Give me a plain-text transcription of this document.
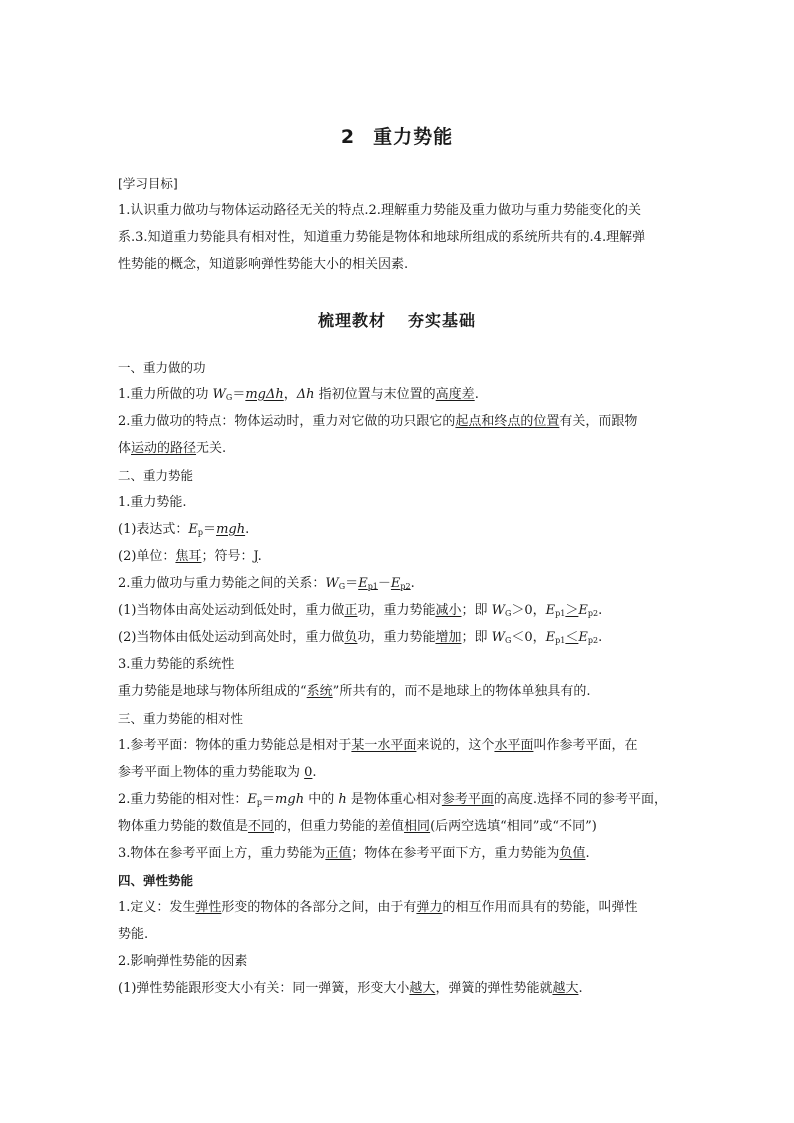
2 重力势能
[学习目标]
1.认识重力做功与物体运动路径无关的特点.2.理解重力势能及重力做功与重力势能变化的关
系.3.知道重力势能具有相对性，知道重力势能是物体和地球所组成的系统所共有的.4.理解弹
性势能的概念，知道影响弹性势能大小的相关因素.
梳理教材 夯实基础
一、重力做的功
1.重力所做的功 $W_G=mg\Delta h$，Δh 指初位置与末位置的高度差.
2.重力做功的特点：物体运动时，重力对它做的功只跟它的起点和终点的位置有关，而跟物
体运动的路径无关.
二、重力势能
1.重力势能.
(1)表达式：$E_p=mgh$.
(2)单位：焦耳；符号：J.
2.重力做功与重力势能之间的关系：$W_G=E_{p1}-E_{p2}$.
(1)当物体由高处运动到低处时，重力做正功，重力势能减小；即 $W_G>0$，$E_{p1}>E_{p2}$.
(2)当物体由低处运动到高处时，重力做负功，重力势能增加；即 $W_G<0$，$E_{p1}<E_{p2}$.
3.重力势能的系统性
重力势能是地球与物体所组成的“系统”所共有的，而不是地球上的物体单独具有的.
三、重力势能的相对性
1.参考平面：物体的重力势能总是相对于某一水平面来说的，这个水平面叫作参考平面，在
参考平面上物体的重力势能取为 0.
2.重力势能的相对性：$E_p=mgh$ 中的 h 是物体重心相对参考平面的高度.选择不同的参考平面，
物体重力势能的数值是不同的，但重力势能的差值相同(后两空选填“相同”或“不同”)
3.物体在参考平面上方，重力势能为正值；物体在参考平面下方，重力势能为负值.
四、弹性势能
1.定义：发生弹性形变的物体的各部分之间，由于有弹力的相互作用而具有的势能，叫弹性
势能.
2.影响弹性势能的因素
(1)弹性势能跟形变大小有关：同一弹簧，形变大小越大，弹簧的弹性势能就越大.
